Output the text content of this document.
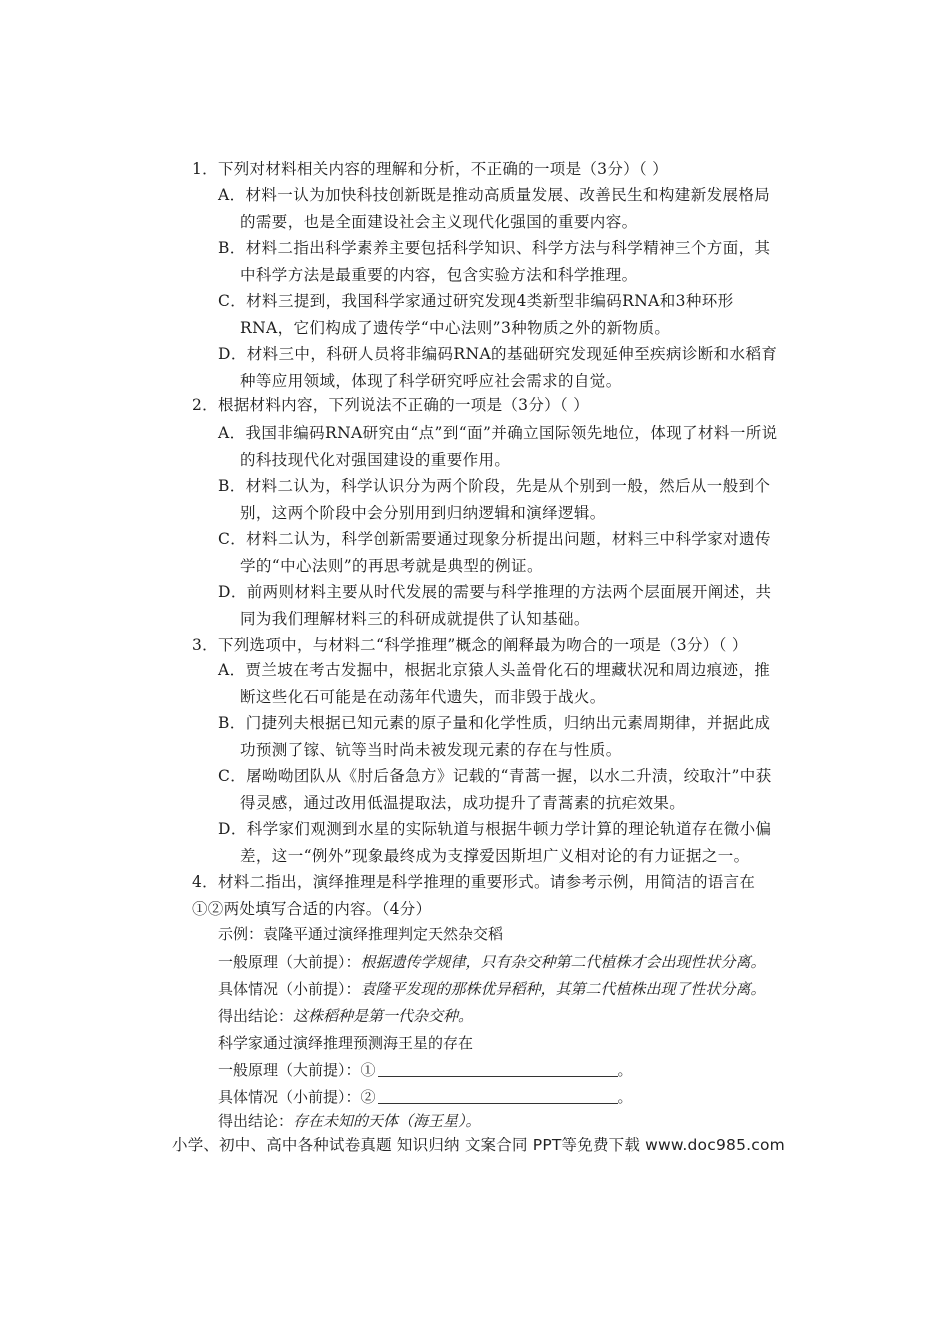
1．下列对材料相关内容的理解和分析，不正确的一项是（3分）（ ）
A．材料一认为加快科技创新既是推动高质量发展、改善民生和构建新发展格局的需要，也是全面建设社会主义现代化强国的重要内容。
B．材料二指出科学素养主要包括科学知识、科学方法与科学精神三个方面，其中科学方法是最重要的内容，包含实验方法和科学推理。
C．材料三提到，我国科学家通过研究发现4类新型非编码RNA和3种环形RNA，它们构成了遗传学“中心法则”3种物质之外的新物质。
D．材料三中，科研人员将非编码RNA的基础研究发现延伸至疾病诊断和水稻育种等应用领域，体现了科学研究呼应社会需求的自觉。
2．根据材料内容，下列说法不正确的一项是（3分）（ ）
A．我国非编码RNA研究由“点”到“面”并确立国际领先地位，体现了材料一所说的科技现代化对强国建设的重要作用。
B．材料二认为，科学认识分为两个阶段，先是从个别到一般，然后从一般到个别，这两个阶段中会分别用到归纳逻辑和演绎逻辑。
C．材料二认为，科学创新需要通过现象分析提出问题，材料三中科学家对遗传学的“中心法则”的再思考就是典型的例证。
D．前两则材料主要从时代发展的需要与科学推理的方法两个层面展开阐述，共同为我们理解材料三的科研成就提供了认知基础。
3．下列选项中，与材料二“科学推理”概念的阐释最为吻合的一项是（3分）（ ）
A．贾兰坡在考古发掘中，根据北京猿人头盖骨化石的埋藏状况和周边痕迹，推断这些化石可能是在动荡年代遗失，而非毁于战火。
B．门捷列夫根据已知元素的原子量和化学性质，归纳出元素周期律，并据此成功预测了镓、钪等当时尚未被发现元素的存在与性质。
C．屠呦呦团队从《肘后备急方》记载的“青蒿一握，以水二升渍，绞取汁”中获得灵感，通过改用低温提取法，成功提升了青蒿素的抗疟效果。
D．科学家们观测到水星的实际轨道与根据牛顿力学计算的理论轨道存在微小偏差，这一“例外”现象最终成为支撑爱因斯坦广义相对论的有力证据之一。
4．材料二指出，演绎推理是科学推理的重要形式。请参考示例，用简洁的语言在①②两处填写合适的内容。（4分）
示例：袁隆平通过演绎推理判定天然杂交稻
一般原理（大前提）：根据遗传学规律，只有杂交种第二代植株才会出现性状分离。
具体情况（小前提）：袁隆平发现的那株优异稻种，其第二代植株出现了性状分离。
得出结论：这株稻种是第一代杂交种。
科学家通过演绎推理预测海王星的存在
一般原理（大前提）：①	。
具体情况（小前提）：②	。
得出结论：存在未知的天体（海王星）。
小学、初中、高中各种试卷真题 知识归纳 文案合同 PPT等免费下载 www.doc985.com
